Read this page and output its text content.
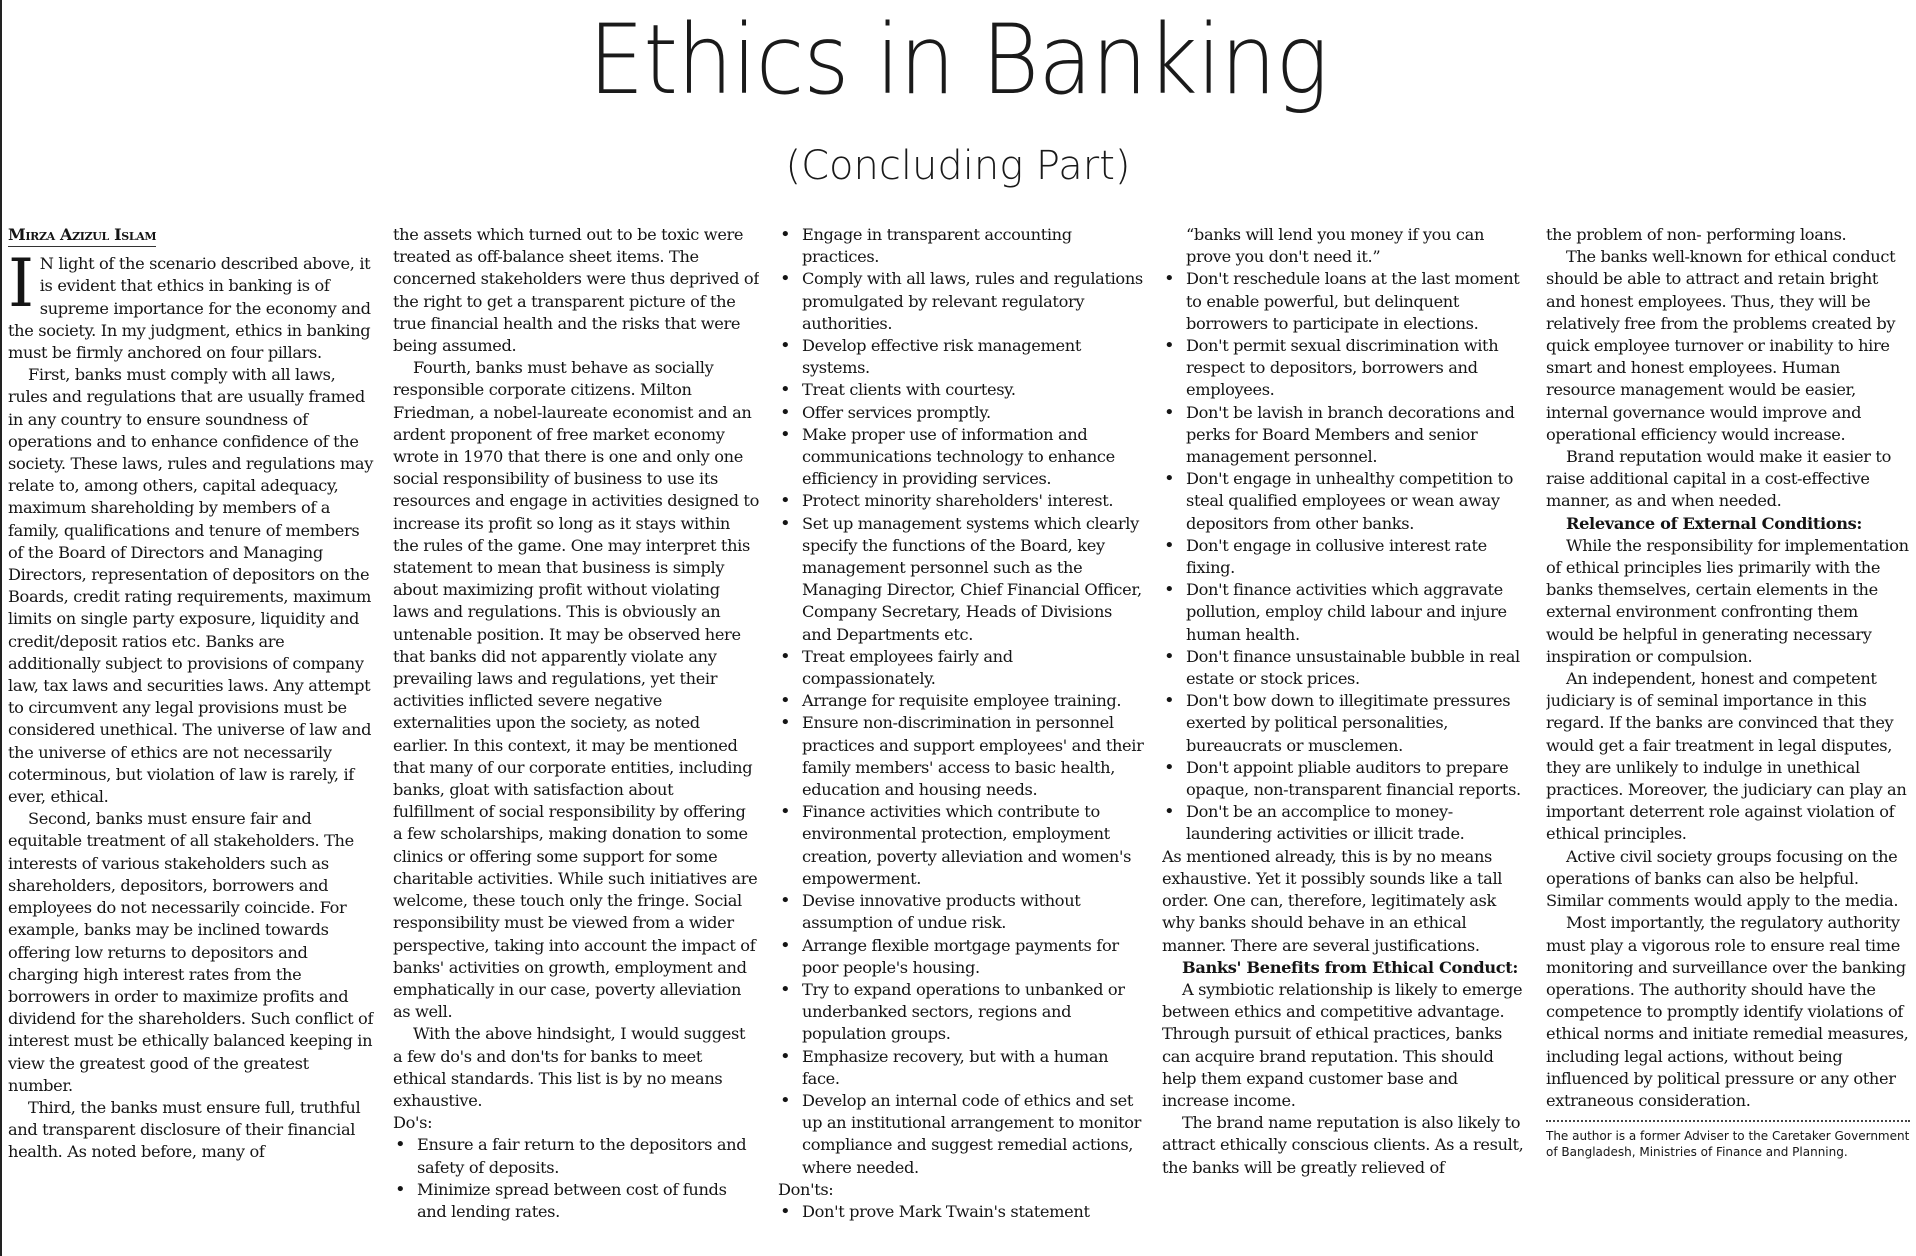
Ethics in Banking
(Concluding Part)
Mirza Azizul Islam

I N light of the scenario described above, it is evident that ethics in banking is of supreme importance for the economy and the society. In my judgment, ethics in banking must be firmly anchored on four pillars.

First, banks must comply with all laws, rules and regulations that are usually framed in any country to ensure soundness of operations and to enhance confidence of the society. These laws, rules and regulations may relate to, among others, capital adequacy, maximum shareholding by members of a family, qualifications and tenure of members of the Board of Directors and Managing Directors, representation of depositors on the Boards, credit rating requirements, maximum limits on single party exposure, liquidity and credit/deposit ratios etc. Banks are additionally subject to provisions of company law, tax laws and securities laws. Any attempt to circumvent any legal provisions must be considered unethical. The universe of law and the universe of ethics are not necessarily coterminous, but violation of law is rarely, if ever, ethical.

Second, banks must ensure fair and equitable treatment of all stakeholders. The interests of various stakeholders such as shareholders, depositors, borrowers and employees do not necessarily coincide. For example, banks may be inclined towards offering low returns to depositors and charging high interest rates from the borrowers in order to maximize profits and dividend for the shareholders. Such conflict of interest must be ethically balanced keeping in view the greatest good of the greatest number.

Third, the banks must ensure full, truthful and transparent disclosure of their financial health. As noted before, many of

the assets which turned out to be toxic were treated as off-balance sheet items. The concerned stakeholders were thus deprived of the right to get a transparent picture of the true financial health and the risks that were being assumed.

Fourth, banks must behave as socially responsible corporate citizens. Milton Friedman, a nobel-laureate economist and an ardent proponent of free market economy wrote in 1970 that there is one and only one social responsibility of business to use its resources and engage in activities designed to increase its profit so long as it stays within the rules of the game. One may interpret this statement to mean that business is simply about maximizing profit without violating laws and regulations. This is obviously an untenable position. It may be observed here that banks did not apparently violate any prevailing laws and regulations, yet their activities inflicted severe negative externalities upon the society, as noted earlier. In this context, it may be mentioned that many of our corporate entities, including banks, gloat with satisfaction about fulfillment of social responsibility by offering a few scholarships, making donation to some clinics or offering some support for some charitable activities. While such initiatives are welcome, these touch only the fringe. Social responsibility must be viewed from a wider perspective, taking into account the impact of banks' activities on growth, employment and emphatically in our case, poverty alleviation as well.

With the above hindsight, I would suggest a few do's and don'ts for banks to meet ethical standards. This list is by no means exhaustive.

Do's:

• Ensure a fair return to the depositors and safety of deposits.
• Minimize spread between cost of funds and lending rates.
• Engage in transparent accounting practices.
• Comply with all laws, rules and regulations promulgated by relevant regulatory authorities.
• Develop effective risk management systems.
• Treat clients with courtesy.
• Offer services promptly.
• Make proper use of information and communications technology to enhance efficiency in providing services.
• Protect minority shareholders' interest.
• Set up management systems which clearly specify the functions of the Board, key management personnel such as the Managing Director, Chief Financial Officer, Company Secretary, Heads of Divisions and Departments etc.
• Treat employees fairly and compassionately.
• Arrange for requisite employee training.
• Ensure non-discrimination in personnel practices and support employees' and their family members' access to basic health, education and housing needs.
• Finance activities which contribute to environmental protection, employment creation, poverty alleviation and women's empowerment.
• Devise innovative products without assumption of undue risk.
• Arrange flexible mortgage payments for poor people's housing.
• Try to expand operations to unbanked or underbanked sectors, regions and population groups.
• Emphasize recovery, but with a human face.
• Develop an internal code of ethics and set up an institutional arrangement to monitor compliance and suggest remedial actions, where needed.

Don'ts:

• Don't prove Mark Twain's statement
“banks will lend you money if you can prove you don't need it.”
• Don't reschedule loans at the last moment to enable powerful, but delinquent borrowers to participate in elections.
• Don't permit sexual discrimination with respect to depositors, borrowers and employees.
• Don't be lavish in branch decorations and perks for Board Members and senior management personnel.
• Don't engage in unhealthy competition to steal qualified employees or wean away depositors from other banks.
• Don't engage in collusive interest rate fixing.
• Don't finance activities which aggravate pollution, employ child labour and injure human health.
• Don't finance unsustainable bubble in real estate or stock prices.
• Don't bow down to illegitimate pressures exerted by political personalities, bureaucrats or musclemen.
• Don't appoint pliable auditors to prepare opaque, non-transparent financial reports.
• Don't be an accomplice to money-laundering activities or illicit trade.

As mentioned already, this is by no means exhaustive. Yet it possibly sounds like a tall order. One can, therefore, legitimately ask why banks should behave in an ethical manner. There are several justifications.

Banks' Benefits from Ethical Conduct:

A symbiotic relationship is likely to emerge between ethics and competitive advantage. Through pursuit of ethical practices, banks can acquire brand reputation. This should help them expand customer base and increase income.

The brand name reputation is also likely to attract ethically conscious clients. As a result, the banks will be greatly relieved of

the problem of non- performing loans.

The banks well-known for ethical conduct should be able to attract and retain bright and honest employees. Thus, they will be relatively free from the problems created by quick employee turnover or inability to hire smart and honest employees. Human resource management would be easier, internal governance would improve and operational efficiency would increase.

Brand reputation would make it easier to raise additional capital in a cost-effective manner, as and when needed.

Relevance of External Conditions:

While the responsibility for implementation of ethical principles lies primarily with the banks themselves, certain elements in the external environment confronting them would be helpful in generating necessary inspiration or compulsion.

An independent, honest and competent judiciary is of seminal importance in this regard. If the banks are convinced that they would get a fair treatment in legal disputes, they are unlikely to indulge in unethical practices. Moreover, the judiciary can play an important deterrent role against violation of ethical principles.

Active civil society groups focusing on the operations of banks can also be helpful. Similar comments would apply to the media.

Most importantly, the regulatory authority must play a vigorous role to ensure real time monitoring and surveillance over the banking operations. The authority should have the competence to promptly identify violations of ethical norms and initiate remedial measures, including legal actions, without being influenced by political pressure or any other extraneous consideration.

The author is a former Adviser to the Caretaker Government of Bangladesh, Ministries of Finance and Planning.
